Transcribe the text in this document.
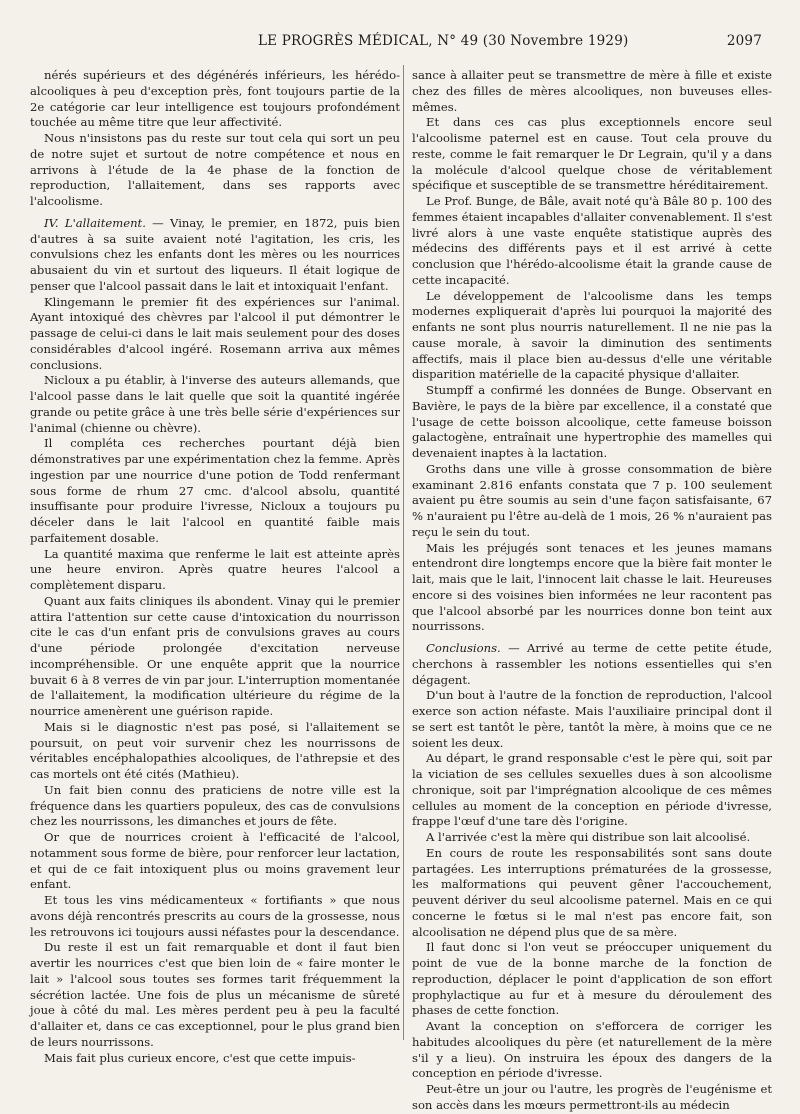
LE PROGRÈS MÉDICAL, N° 49 (30 Novembre 1929)	2097

nérés supérieurs et des dégénérés inférieurs, les hérédo-alcooliques à peu d'exception près, font toujours partie de la 2e catégorie car leur intelligence est toujours profondément touchée au même titre que leur affectivité.

Nous n'insistons pas du reste sur tout cela qui sort un peu de notre sujet et surtout de notre compétence et nous en arrivons à l'étude de la 4e phase de la fonction de reproduction, l'allaitement, dans ses rapports avec l'alcoolisme.

IV. L'allaitement. — Vinay, le premier, en 1872, puis bien d'autres à sa suite avaient noté l'agitation, les cris, les convulsions chez les enfants dont les mères ou les nourrices abusaient du vin et surtout des liqueurs. Il était logique de penser que l'alcool passait dans le lait et intoxiquait l'enfant.

Klingemann le premier fit des expériences sur l'animal. Ayant intoxiqué des chèvres par l'alcool il put démontrer le passage de celui-ci dans le lait mais seulement pour des doses considérables d'alcool ingéré. Rosemann arriva aux mêmes conclusions.

Nicloux a pu établir, à l'inverse des auteurs allemands, que l'alcool passe dans le lait quelle que soit la quantité ingérée grande ou petite grâce à une très belle série d'expériences sur l'animal (chienne ou chèvre).

Il compléta ces recherches pourtant déjà bien démonstratives par une expérimentation chez la femme. Après ingestion par une nourrice d'une potion de Todd renfermant sous forme de rhum 27 cmc. d'alcool absolu, quantité insuffisante pour produire l'ivresse, Nicloux a toujours pu déceler dans le lait l'alcool en quantité faible mais parfaitement dosable.

La quantité maxima que renferme le lait est atteinte après une heure environ. Après quatre heures l'alcool a complètement disparu.

Quant aux faits cliniques ils abondent. Vinay qui le premier attira l'attention sur cette cause d'intoxication du nourrisson cite le cas d'un enfant pris de convulsions graves au cours d'une période prolongée d'excitation nerveuse incompréhensible. Or une enquête apprit que la nourrice buvait 6 à 8 verres de vin par jour. L'interruption momentanée de l'allaitement, la modification ultérieure du régime de la nourrice amenèrent une guérison rapide.

Mais si le diagnostic n'est pas posé, si l'allaitement se poursuit, on peut voir survenir chez les nourrissons de véritables encéphalopathies alcooliques, de l'athrepsie et des cas mortels ont été cités (Mathieu).

Un fait bien connu des praticiens de notre ville est la fréquence dans les quartiers populeux, des cas de convulsions chez les nourrissons, les dimanches et jours de fête.

Or que de nourrices croient à l'efficacité de l'alcool, notamment sous forme de bière, pour renforcer leur lactation, et qui de ce fait intoxiquent plus ou moins gravement leur enfant.

Et tous les vins médicamenteux « fortifiants » que nous avons déjà rencontrés prescrits au cours de la grossesse, nous les retrouvons ici toujours aussi néfastes pour la descendance.

Du reste il est un fait remarquable et dont il faut bien avertir les nourrices c'est que bien loin de « faire monter le lait » l'alcool sous toutes ses formes tarit fréquemment la sécrétion lactée. Une fois de plus un mécanisme de sûreté joue à côté du mal. Les mères perdent peu à peu la faculté d'allaiter et, dans ce cas exceptionnel, pour le plus grand bien de leurs nourrissons.

Mais fait plus curieux encore, c'est que cette impuis-

sance à allaiter peut se transmettre de mère à fille et existe chez des filles de mères alcooliques, non buveuses elles-mêmes.

Et dans ces cas plus exceptionnels encore seul l'alcoolisme paternel est en cause. Tout cela prouve du reste, comme le fait remarquer le Dr Legrain, qu'il y a dans la molécule d'alcool quelque chose de véritablement spécifique et susceptible de se transmettre héréditairement.

Le Prof. Bunge, de Bâle, avait noté qu'à Bâle 80 p. 100 des femmes étaient incapables d'allaiter convenablement. Il s'est livré alors à une vaste enquête statistique auprès des médecins des différents pays et il est arrivé à cette conclusion que l'hérédo-alcoolisme était la grande cause de cette incapacité.

Le développement de l'alcoolisme dans les temps modernes expliquerait d'après lui pourquoi la majorité des enfants ne sont plus nourris naturellement. Il ne nie pas la cause morale, à savoir la diminution des sentiments affectifs, mais il place bien au-dessus d'elle une véritable disparition matérielle de la capacité physique d'allaiter.

Stumpff a confirmé les données de Bunge. Observant en Bavière, le pays de la bière par excellence, il a constaté que l'usage de cette boisson alcoolique, cette fameuse boisson galactogène, entraînait une hypertrophie des mamelles qui devenaient inaptes à la lactation.

Groths dans une ville à grosse consommation de bière examinant 2.816 enfants constata que 7 p. 100 seulement avaient pu être soumis au sein d'une façon satisfaisante, 67 % n'auraient pu l'être au-delà de 1 mois, 26 % n'auraient pas reçu le sein du tout.

Mais les préjugés sont tenaces et les jeunes mamans entendront dire longtemps encore que la bière fait monter le lait, mais que le lait, l'innocent lait chasse le lait. Heureuses encore si des voisines bien informées ne leur racontent pas que l'alcool absorbé par les nourrices donne bon teint aux nourrissons.

Conclusions. — Arrivé au terme de cette petite étude, cherchons à rassembler les notions essentielles qui s'en dégagent.

D'un bout à l'autre de la fonction de reproduction, l'alcool exerce son action néfaste. Mais l'auxiliaire principal dont il se sert est tantôt le père, tantôt la mère, à moins que ce ne soient les deux.

Au départ, le grand responsable c'est le père qui, soit par la viciation de ses cellules sexuelles dues à son alcoolisme chronique, soit par l'imprégnation alcoolique de ces mêmes cellules au moment de la conception en période d'ivresse, frappe l'œuf d'une tare dès l'origine.

A l'arrivée c'est la mère qui distribue son lait alcoolisé.

En cours de route les responsabilités sont sans doute partagées. Les interruptions prématurées de la grossesse, les malformations qui peuvent gêner l'accouchement, peuvent dériver du seul alcoolisme paternel. Mais en ce qui concerne le fœtus si le mal n'est pas encore fait, son alcoolisation ne dépend plus que de sa mère.

Il faut donc si l'on veut se préoccuper uniquement du point de vue de la bonne marche de la fonction de reproduction, déplacer le point d'application de son effort prophylactique au fur et à mesure du déroulement des phases de cette fonction.

Avant la conception on s'efforcera de corriger les habitudes alcooliques du père (et naturellement de la mère s'il y a lieu). On instruira les époux des dangers de la conception en période d'ivresse.

Peut-être un jour ou l'autre, les progrès de l'eugénisme et son accès dans les mœurs permettront-ils au médecin
